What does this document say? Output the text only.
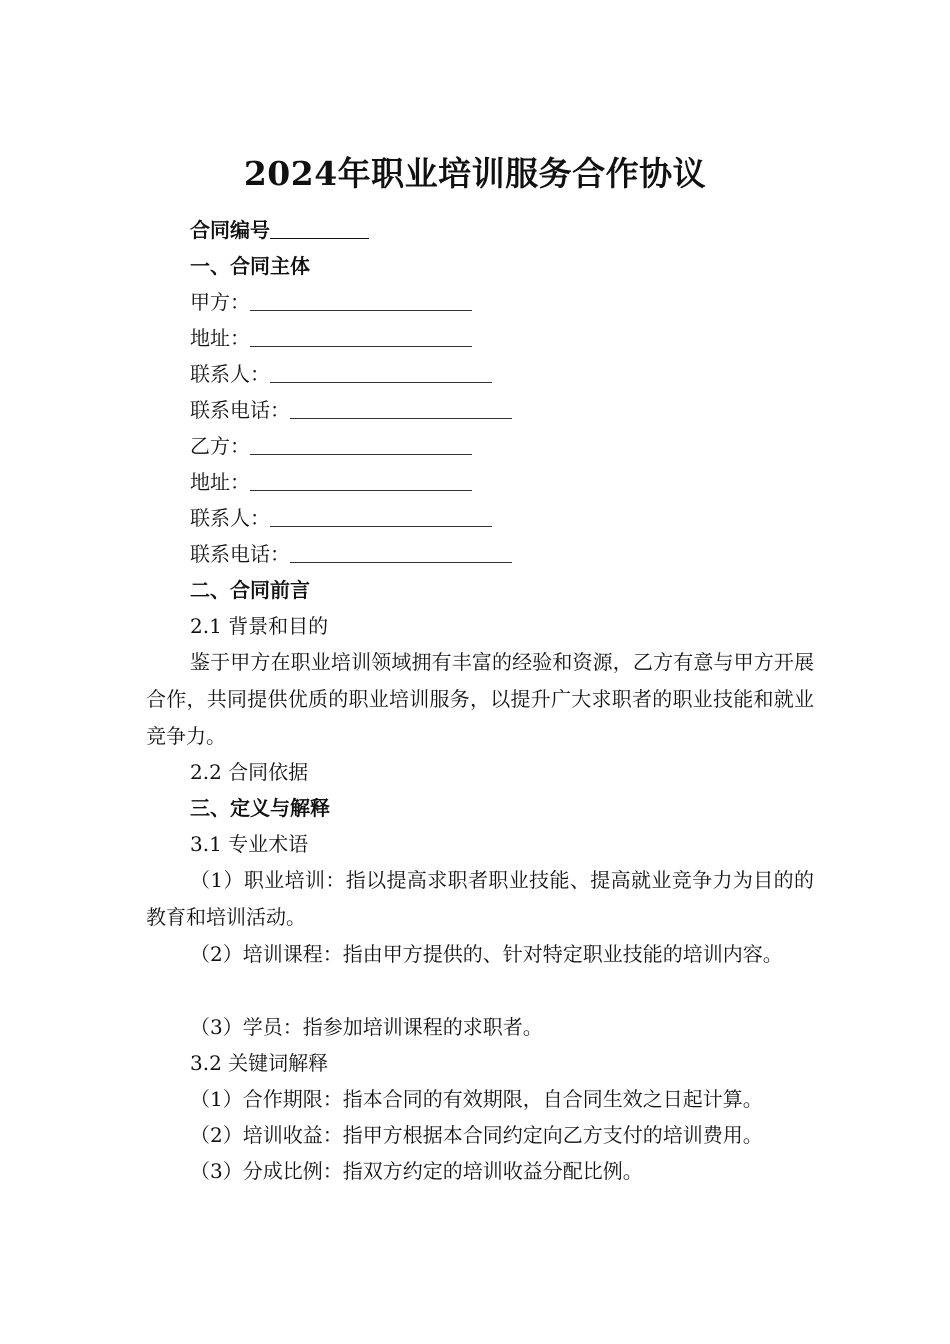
2024年职业培训服务合作协议
合同编号
一、合同主体
甲方：
地址：
联系人：
联系电话：
乙方：
地址：
联系人：
联系电话：
二、合同前言
2.1 背景和目的
鉴于甲方在职业培训领域拥有丰富的经验和资源，乙方有意与甲方开展合作，共同提供优质的职业培训服务，以提升广大求职者的职业技能和就业竞争力。
2.2 合同依据
三、定义与解释
3.1 专业术语
（1）职业培训：指以提高求职者职业技能、提高就业竞争力为目的的教育和培训活动。
（2）培训课程：指由甲方提供的、针对特定职业技能的培训内容。
（3）学员：指参加培训课程的求职者。
3.2 关键词解释
（1）合作期限：指本合同的有效期限，自合同生效之日起计算。
（2）培训收益：指甲方根据本合同约定向乙方支付的培训费用。
（3）分成比例：指双方约定的培训收益分配比例。
